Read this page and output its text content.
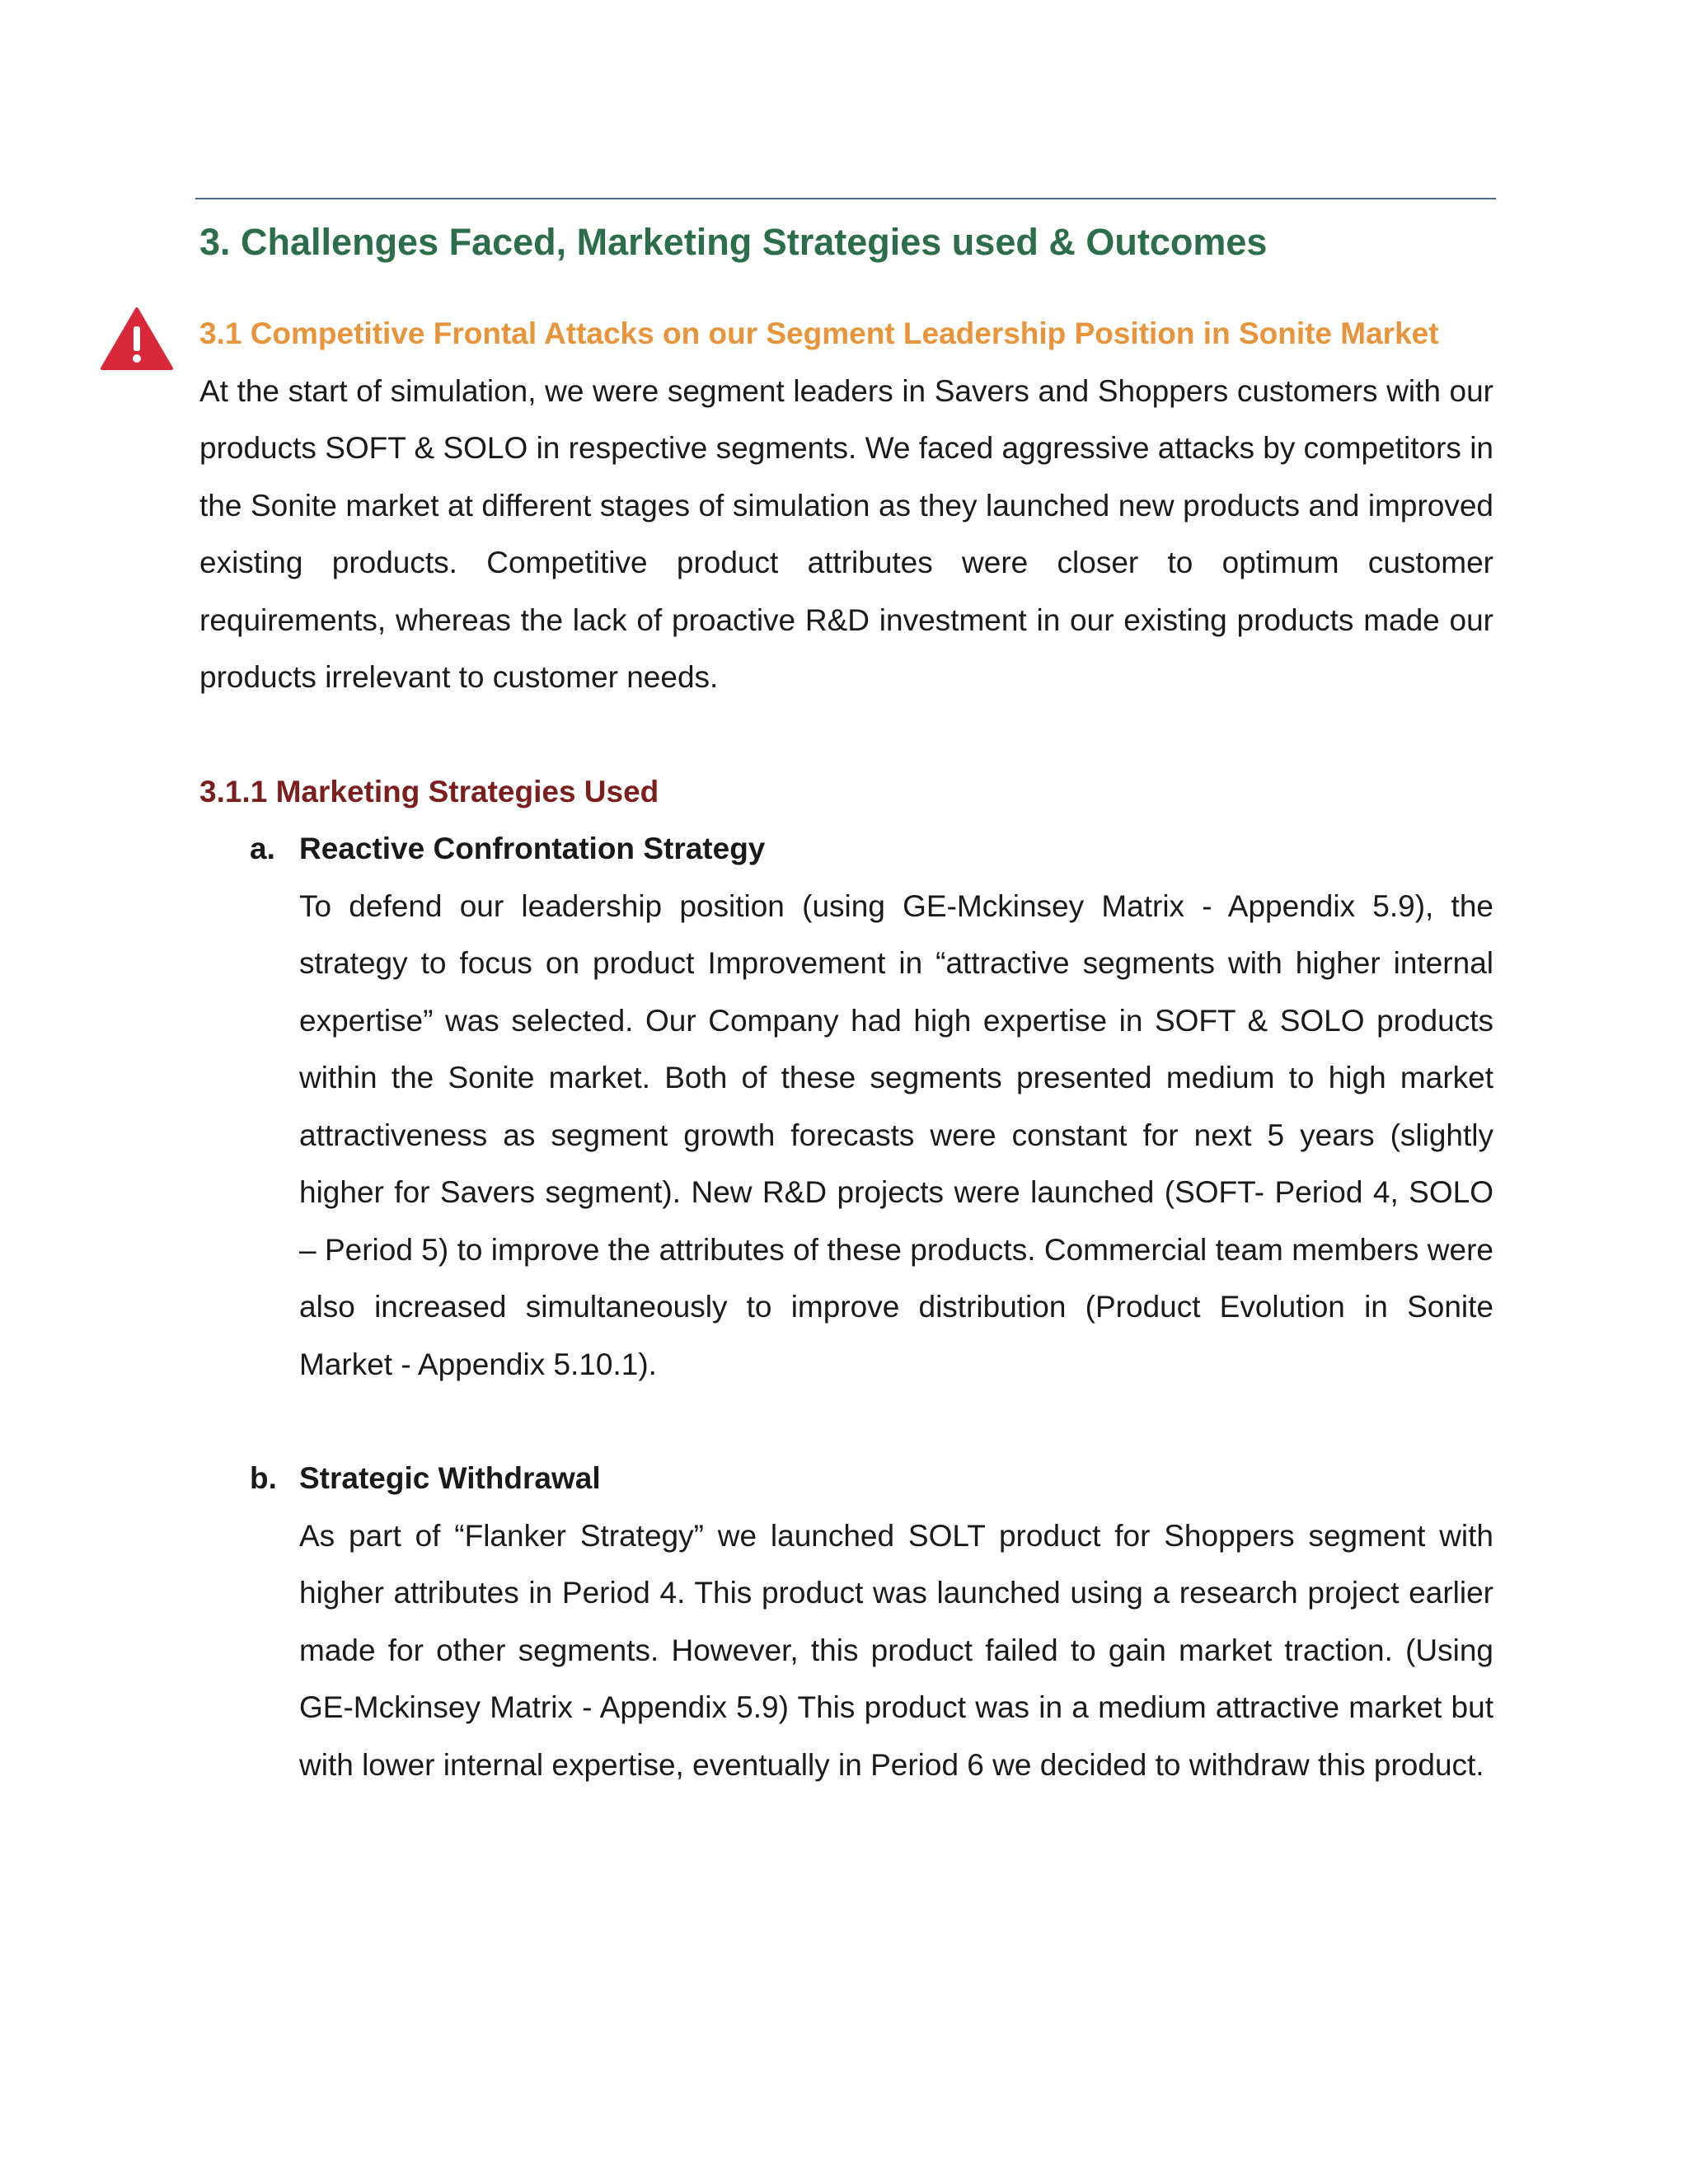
3. Challenges Faced, Marketing Strategies used & Outcomes
3.1 Competitive Frontal Attacks on our Segment Leadership Position in Sonite Market

At the start of simulation, we were segment leaders in Savers and Shoppers customers with our products SOFT & SOLO in respective segments. We faced aggressive attacks by competitors in the Sonite market at different stages of simulation as they launched new products and improved existing products. Competitive product attributes were closer to optimum customer requirements, whereas the lack of proactive R&D investment in our existing products made our products irrelevant to customer needs.

3.1.1 Marketing Strategies Used
a. Reactive Confrontation Strategy

To defend our leadership position (using GE-Mckinsey Matrix - Appendix 5.9), the strategy to focus on product Improvement in “attractive segments with higher internal expertise” was selected. Our Company had high expertise in SOFT & SOLO products within the Sonite market. Both of these segments presented medium to high market attractiveness as segment growth forecasts were constant for next 5 years (slightly higher for Savers segment). New R&D projects were launched (SOFT- Period 4, SOLO – Period 5) to improve the attributes of these products. Commercial team members were also increased simultaneously to improve distribution (Product Evolution in Sonite Market - Appendix 5.10.1).

b. Strategic Withdrawal

As part of “Flanker Strategy” we launched SOLT product for Shoppers segment with higher attributes in Period 4. This product was launched using a research project earlier made for other segments. However, this product failed to gain market traction. (Using GE-Mckinsey Matrix - Appendix 5.9) This product was in a medium attractive market but with lower internal expertise, eventually in Period 6 we decided to withdraw this product.
